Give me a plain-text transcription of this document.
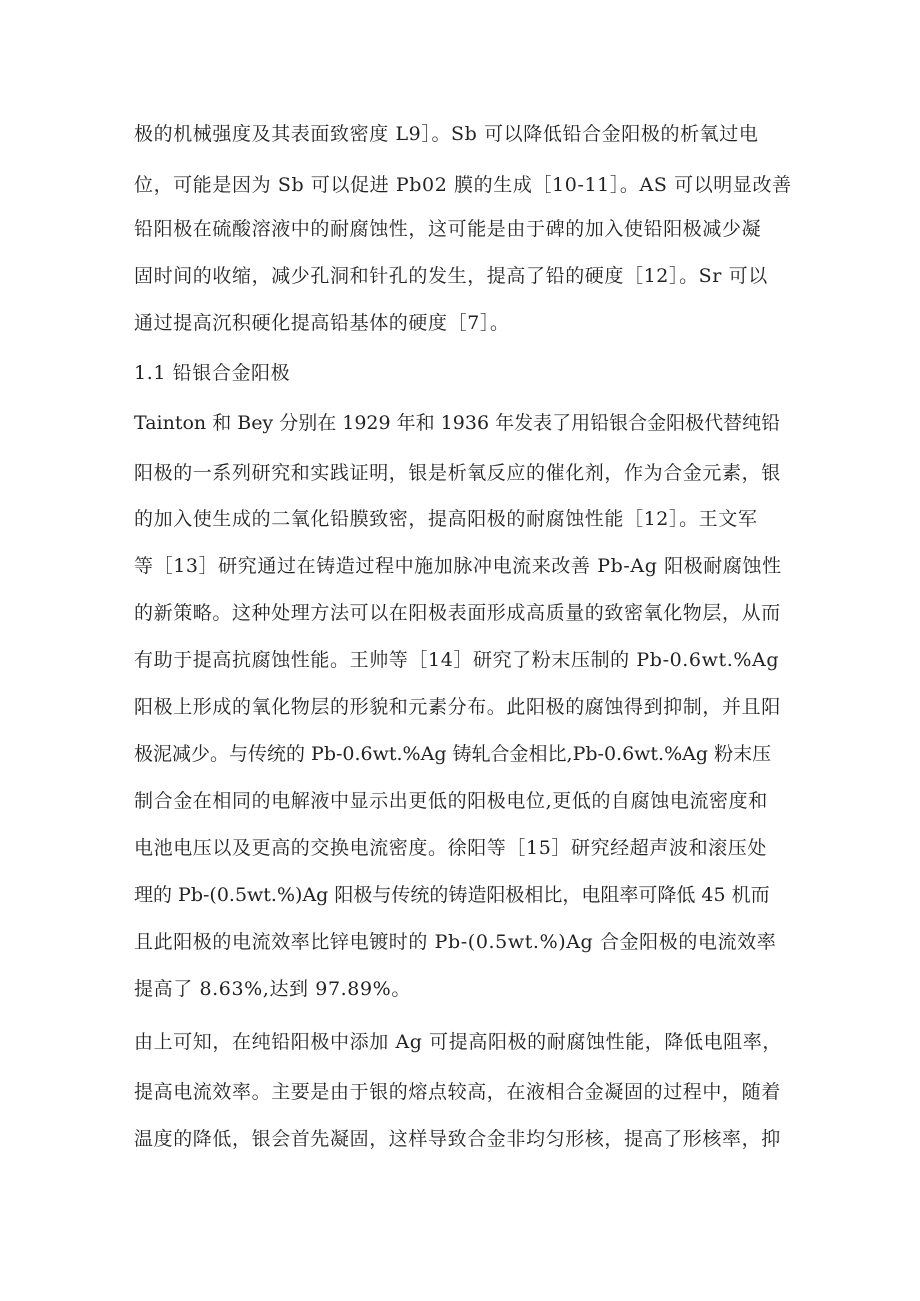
极的机械强度及其表面致密度 L9］。Sb 可以降低铅合金阳极的析氧过电
位，可能是因为 Sb 可以促进 Pb02 膜的生成［10-11］。AS 可以明显改善
铅阳极在硫酸溶液中的耐腐蚀性，这可能是由于碑的加入使铅阳极减少凝
固时间的收缩，减少孔洞和针孔的发生，提高了铅的硬度［12］。Sr 可以
通过提高沉积硬化提高铅基体的硬度［7］。
1.1 铅银合金阳极
Tainton 和 Bey 分别在 1929 年和 1936 年发表了用铅银合金阳极代替纯铅
阳极的一系列研究和实践证明，银是析氧反应的催化剂，作为合金元素，银
的加入使生成的二氧化铅膜致密，提高阳极的耐腐蚀性能［12］。王文军
等［13］研究通过在铸造过程中施加脉冲电流来改善 Pb-Ag 阳极耐腐蚀性
的新策略。这种处理方法可以在阳极表面形成高质量的致密氧化物层，从而
有助于提高抗腐蚀性能。王帅等［14］研究了粉末压制的 Pb-0.6wt.%Ag
阳极上形成的氧化物层的形貌和元素分布。此阳极的腐蚀得到抑制，并且阳
极泥减少。与传统的 Pb-0.6wt.%Ag 铸轧合金相比,Pb-0.6wt.%Ag 粉末压
制合金在相同的电解液中显示出更低的阳极电位,更低的自腐蚀电流密度和
电池电压以及更高的交换电流密度。徐阳等［15］研究经超声波和滚压处
理的 Pb-(0.5wt.%)Ag 阳极与传统的铸造阳极相比，电阻率可降低 45 机而
且此阳极的电流效率比锌电镀时的 Pb-(0.5wt.%)Ag 合金阳极的电流效率
提高了 8.63%,达到 97.89%。
由上可知，在纯铅阳极中添加 Ag 可提高阳极的耐腐蚀性能，降低电阻率，
提高电流效率。主要是由于银的熔点较高，在液相合金凝固的过程中，随着
温度的降低，银会首先凝固，这样导致合金非均匀形核，提高了形核率，抑
